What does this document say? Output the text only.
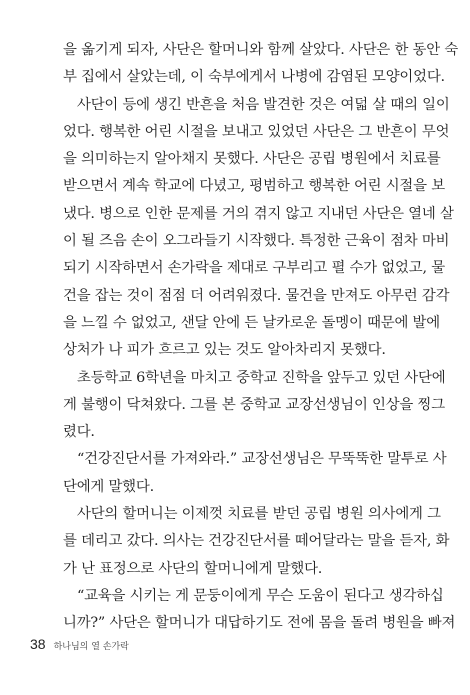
을 옮기게 되자, 사단은 할머니와 함께 살았다. 사단은 한 동안 숙
부 집에서 살았는데, 이 숙부에게서 나병에 감염된 모양이었다.
사단이 등에 생긴 반흔을 처음 발견한 것은 여덟 살 때의 일이
었다. 행복한 어린 시절을 보내고 있었던 사단은 그 반흔이 무엇
을 의미하는지 알아채지 못했다. 사단은 공립 병원에서 치료를
받으면서 계속 학교에 다녔고, 평범하고 행복한 어린 시절을 보
냈다. 병으로 인한 문제를 거의 겪지 않고 지내던 사단은 열네 살
이 될 즈음 손이 오그라들기 시작했다. 특정한 근육이 점차 마비
되기 시작하면서 손가락을 제대로 구부리고 펼 수가 없었고, 물
건을 잡는 것이 점점 더 어려워졌다. 물건을 만져도 아무런 감각
을 느낄 수 없었고, 샌달 안에 든 날카로운 돌멩이 때문에 발에
상처가 나 피가 흐르고 있는 것도 알아차리지 못했다.
초등학교 6학년을 마치고 중학교 진학을 앞두고 있던 사단에
게 불행이 닥쳐왔다. 그를 본 중학교 교장선생님이 인상을 찡그
렸다.
“건강진단서를 가져와라.” 교장선생님은 무뚝뚝한 말투로 사
단에게 말했다.
사단의 할머니는 이제껏 치료를 받던 공립 병원 의사에게 그
를 데리고 갔다. 의사는 건강진단서를 떼어달라는 말을 듣자, 화
가 난 표정으로 사단의 할머니에게 말했다.
“교육을 시키는 게 문둥이에게 무슨 도움이 된다고 생각하십
니까?” 사단은 할머니가 대답하기도 전에 몸을 돌려 병원을 빠져
38 하나님의 열 손가락
